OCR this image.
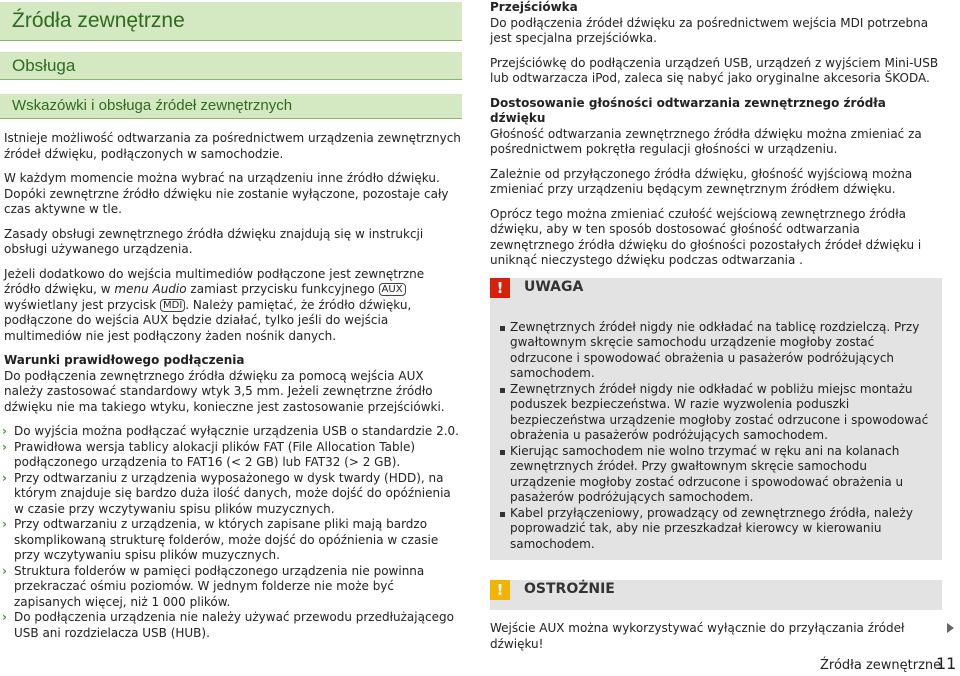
Źródła zewnętrzne
Obsługa
Wskazówki i obsługa źródeł zewnętrznych

Istnieje możliwość odtwarzania za pośrednictwem urządzenia zewnętrznych źródeł dźwięku, podłączonych w samochodzie.

W każdym momencie można wybrać na urządzeniu inne źródło dźwięku. Dopóki zewnętrzne źródło dźwięku nie zostanie wyłączone, pozostaje cały czas aktywne w tle.

Zasady obsługi zewnętrznego źródła dźwięku znajdują się w instrukcji obsługi używanego urządzenia.

Jeżeli dodatkowo do wejścia multimediów podłączone jest zewnętrzne źródło dźwięku, w menu Audio zamiast przycisku funkcyjnego AUX wyświetlany jest przycisk MDI . Należy pamiętać, że źródło dźwięku, podłączone do wejścia AUX będzie działać, tylko jeśli do wejścia multimediów nie jest podłączony żaden nośnik danych.

Warunki prawidłowego podłączenia

Do podłączenia zewnętrznego źródła dźwięku za pomocą wejścia AUX należy zastosować standardowy wtyk 3,5 mm. Jeżeli zewnętrzne źródło dźwięku nie ma takiego wtyku, konieczne jest zastosowanie przejściówki.

› Do wyjścia można podłączać wyłącznie urządzenia USB o standardzie 2.0.
› Prawidłowa wersja tablicy alokacji plików FAT (File Allocation Table) podłączonego urządzenia to FAT16 (< 2 GB) lub FAT32 (> 2 GB).
› Przy odtwarzaniu z urządzenia wyposażonego w dysk twardy (HDD), na którym znajduje się bardzo duża ilość danych, może dojść do opóźnienia w czasie przy wczytywaniu spisu plików muzycznych.
› Przy odtwarzaniu z urządzenia, w których zapisane pliki mają bardzo skomplikowaną strukturę folderów, może dojść do opóźnienia w czasie przy wczytywaniu spisu plików muzycznych.
› Struktura folderów w pamięci podłączonego urządzenia nie powinna przekraczać ośmiu poziomów. W jednym folderze nie może być zapisanych więcej, niż 1 000 plików.
› Do podłączenia urządzenia nie należy używać przewodu przedłużającego USB ani rozdzielacza USB (HUB).
Przejściówka

Do podłączenia źródeł dźwięku za pośrednictwem wejścia MDI potrzebna jest specjalna przejściówka.

Przejściówkę do podłączenia urządzeń USB, urządzeń z wyjściem Mini-USB lub odtwarzacza iPod, zaleca się nabyć jako oryginalne akcesoria ŠKODA.

Dostosowanie głośności odtwarzania zewnętrznego źródła dźwięku

Głośność odtwarzania zewnętrznego źródła dźwięku można zmieniać za pośrednictwem pokrętła regulacji głośności w urządzeniu.

Zależnie od przyłączonego źródła dźwięku, głośność wyjściową można zmieniać przy urządzeniu będącym zewnętrznym źródłem dźwięku.

Oprócz tego można zmieniać czułość wejściową zewnętrznego źródła dźwięku, aby w ten sposób dostosować głośność odtwarzania zewnętrznego źródła dźwięku do głośności pozostałych źródeł dźwięku i uniknąć nieczystego dźwięku podczas odtwarzania .

!	UWAGA
Zewnętrznych źródeł nigdy nie odkładać na tablicę rozdzielczą. Przy gwałtownym skręcie samochodu urządzenie mogłoby zostać odrzucone i spowodować obrażenia u pasażerów podróżujących samochodem.
Zewnętrznych źródeł nigdy nie odkładać w pobliżu miejsc montażu poduszek bezpieczeństwa. W razie wyzwolenia poduszki bezpieczeństwa urządzenie mogłoby zostać odrzucone i spowodować obrażenia u pasażerów podróżujących samochodem.
Kierując samochodem nie wolno trzymać w ręku ani na kolanach zewnętrznych źródeł. Przy gwałtownym skręcie samochodu urządzenie mogłoby zostać odrzucone i spowodować obrażenia u pasażerów podróżujących samochodem.
Kabel przyłączeniowy, prowadzący od zewnętrznego źródła, należy poprowadzić tak, aby nie przeszkadzał kierowcy w kierowaniu samochodem.
!	OSTROŻNIE
Wejście AUX można wykorzystywać wyłącznie do przyłączania źródeł dźwięku!
Źródła zewnętrzne
11
